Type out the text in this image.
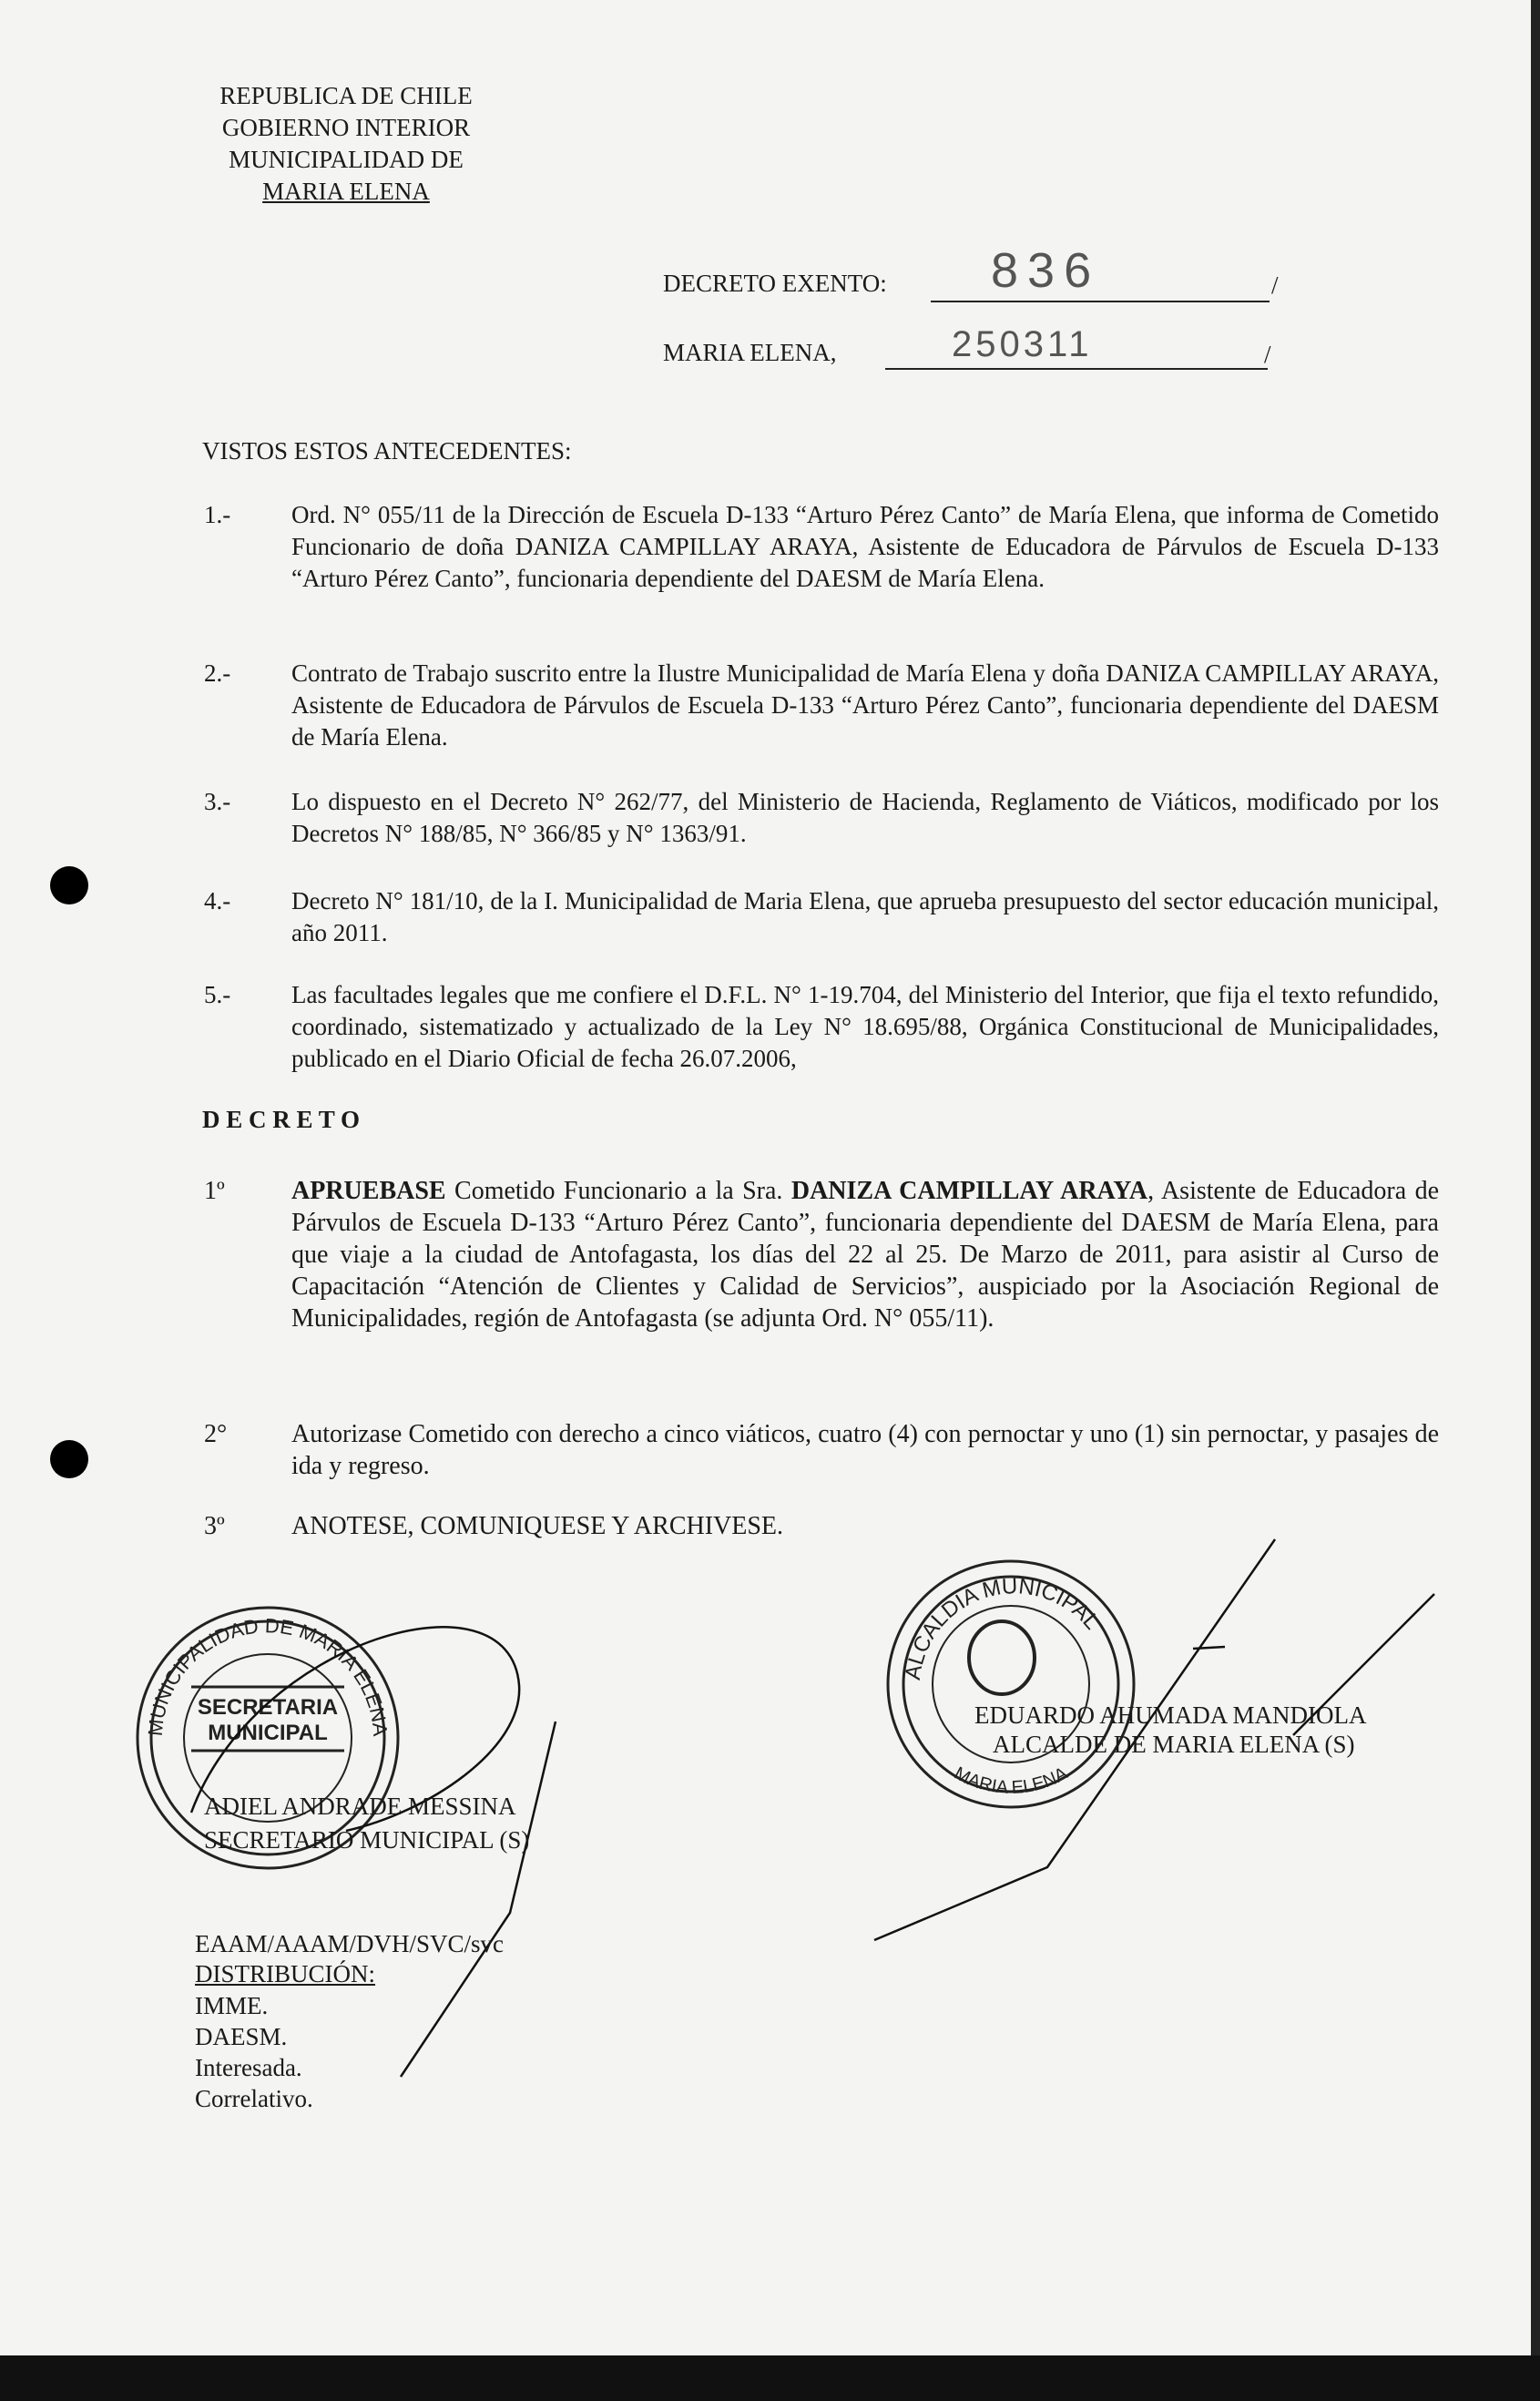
REPUBLICA DE CHILE
GOBIERNO INTERIOR
MUNICIPALIDAD DE
MARIA ELENA
DECRETO EXENTO: 836	/
MARIA ELENA,	250311	/
VISTOS ESTOS ANTECEDENTES:
1.- Ord. N° 055/11 de la Dirección de Escuela D-133 “Arturo Pérez Canto” de María Elena, que informa de Cometido Funcionario de doña DANIZA CAMPILLAY ARAYA, Asistente de Educadora de Párvulos de Escuela D-133 “Arturo Pérez Canto”, funcionaria dependiente del DAESM de María Elena.
2.- Contrato de Trabajo suscrito entre la Ilustre Municipalidad de María Elena y doña DANIZA CAMPILLAY ARAYA, Asistente de Educadora de Párvulos de Escuela D-133 “Arturo Pérez Canto”, funcionaria dependiente del DAESM de María Elena.
3.- Lo dispuesto en el Decreto N° 262/77, del Ministerio de Hacienda, Reglamento de Viáticos, modificado por los Decretos N° 188/85, N° 366/85 y N° 1363/91.
4.- Decreto N° 181/10, de la I. Municipalidad de Maria Elena, que aprueba presupuesto del sector educación municipal, año 2011.
5.- Las facultades legales que me confiere el D.F.L. N° 1-19.704, del Ministerio del Interior, que fija el texto refundido, coordinado, sistematizado y actualizado de la Ley N° 18.695/88, Orgánica Constitucional de Municipalidades, publicado en el Diario Oficial de fecha 26.07.2006,
D E C R E T O
1º	APRUEBASE Cometido Funcionario a la Sra. DANIZA CAMPILLAY ARAYA, Asistente de Educadora de Párvulos de Escuela D-133 “Arturo Pérez Canto”, funcionaria dependiente del DAESM de María Elena, para que viaje a la ciudad de Antofagasta, los días del 22 al 25. De Marzo de 2011, para asistir al Curso de Capacitación “Atención de Clientes y Calidad de Servicios”, auspiciado por la Asociación Regional de Municipalidades, región de Antofagasta (se adjunta Ord. N° 055/11).
2°	Autorizase Cometido con derecho a cinco viáticos, cuatro (4) con pernoctar y uno (1) sin pernoctar, y pasajes de ida y regreso.
3º	ANOTESE, COMUNIQUESE Y ARCHIVESE.
MUNICIPALIDAD DE MARIA ELENA
SECRETARIA
MUNICIPAL
ALCALDIA MUNICIPAL
MARIA ELENA
ADIEL ANDRADE MESSINA
SECRETARIO MUNICIPAL (S)
EDUARDO AHUMADA MANDIOLA
ALCALDE DE MARIA ELENA (S)
EAAM/AAAM/DVH/SVC/svc
DISTRIBUCIÓN:
IMME.
DAESM.
Interesada.
Correlativo.
